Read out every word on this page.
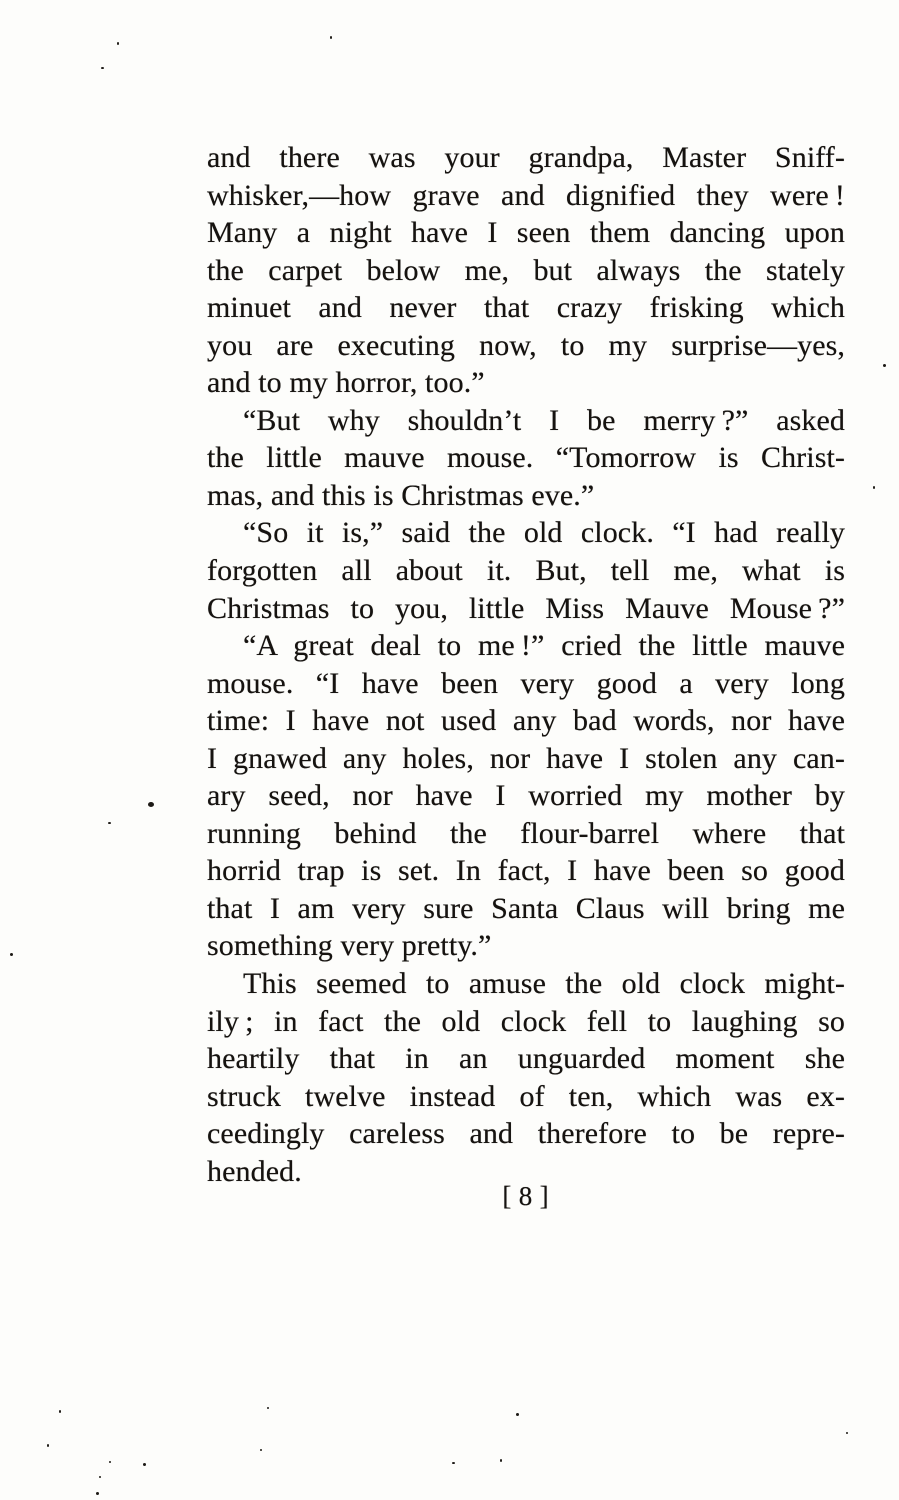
and there was your grandpa, Master Sniff-

whisker,—how grave and dignified they were !

Many a night have I seen them dancing upon

the carpet below me, but always the stately

minuet and never that crazy frisking which

you are executing now, to my surprise—yes,

and to my horror, too.”

“But why shouldn’t I be merry ?” asked

the little mauve mouse. “Tomorrow is Christ-

mas, and this is Christmas eve.”

“So it is,” said the old clock. “I had really

forgotten all about it. But, tell me, what is

Christmas to you, little Miss Mauve Mouse ?”

“A great deal to me !” cried the little mauve

mouse. “I have been very good a very long

time: I have not used any bad words, nor have

I gnawed any holes, nor have I stolen any can-

ary seed, nor have I worried my mother by

running behind the flour-barrel where that

horrid trap is set. In fact, I have been so good

that I am very sure Santa Claus will bring me

something very pretty.”

This seemed to amuse the old clock might-

ily ; in fact the old clock fell to laughing so

heartily that in an unguarded moment she

struck twelve instead of ten, which was ex-

ceedingly careless and therefore to be repre-

hended.

[ 8 ]
